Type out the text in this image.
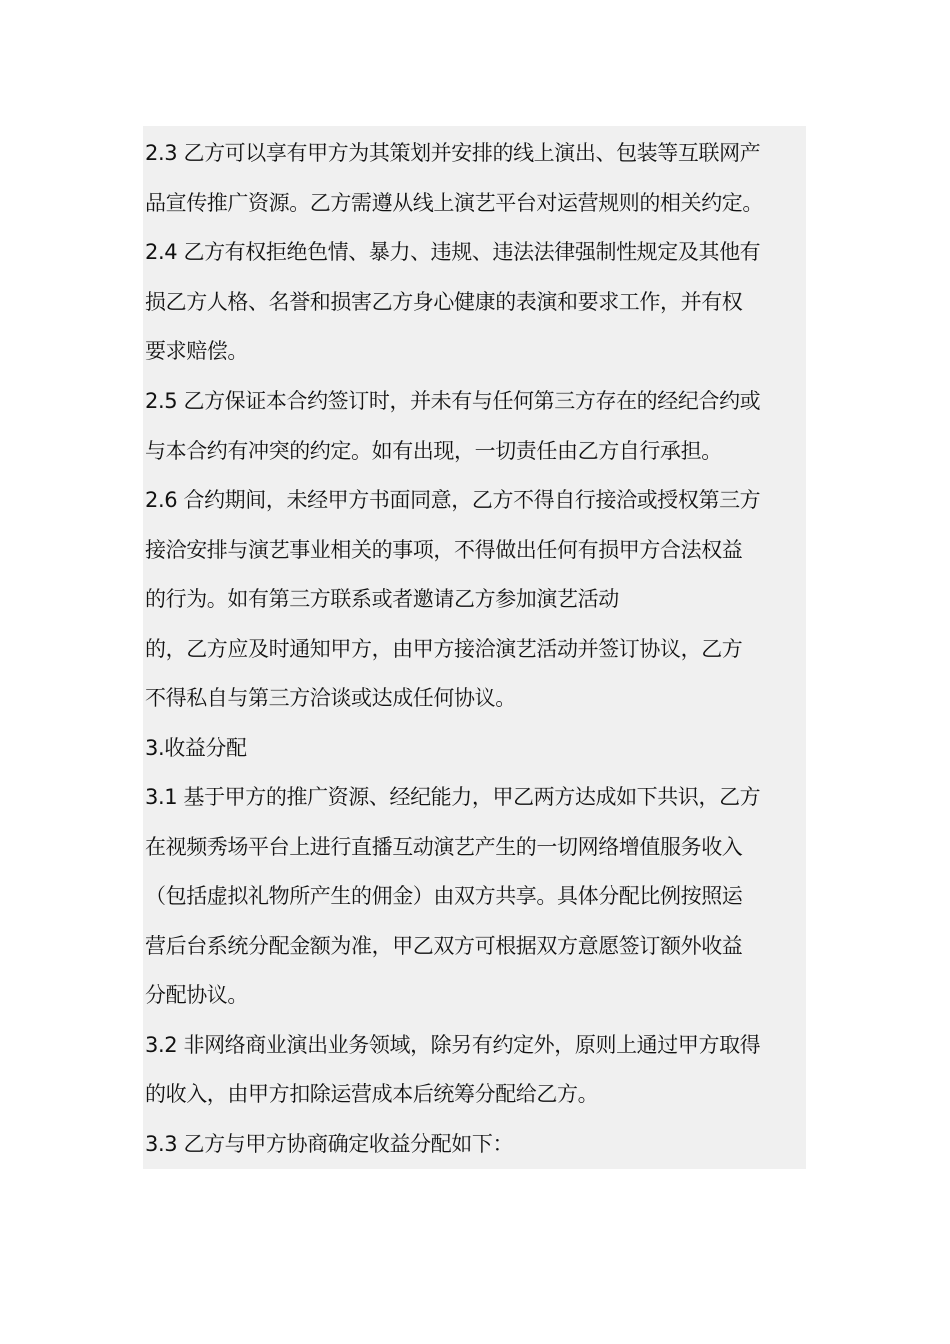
2.3 乙方可以享有甲方为其策划并安排的线上演出、包装等互联网产
品宣传推广资源。乙方需遵从线上演艺平台对运营规则的相关约定。
2.4 乙方有权拒绝色情、暴力、违规、违法法律强制性规定及其他有
损乙方人格、名誉和损害乙方身心健康的表演和要求工作，并有权
要求赔偿。
2.5 乙方保证本合约签订时，并未有与任何第三方存在的经纪合约或
与本合约有冲突的约定。如有出现，一切责任由乙方自行承担。
2.6 合约期间，未经甲方书面同意，乙方不得自行接洽或授权第三方
接洽安排与演艺事业相关的事项，不得做出任何有损甲方合法权益
的行为。如有第三方联系或者邀请乙方参加演艺活动
的，乙方应及时通知甲方，由甲方接洽演艺活动并签订协议，乙方
不得私自与第三方洽谈或达成任何协议。
3.收益分配
3.1 基于甲方的推广资源、经纪能力，甲乙两方达成如下共识，乙方
在视频秀场平台上进行直播互动演艺产生的一切网络增值服务收入
（包括虚拟礼物所产生的佣金）由双方共享。具体分配比例按照运
营后台系统分配金额为准，甲乙双方可根据双方意愿签订额外收益
分配协议。
3.2 非网络商业演出业务领域，除另有约定外，原则上通过甲方取得
的收入，由甲方扣除运营成本后统筹分配给乙方。
3.3 乙方与甲方协商确定收益分配如下：
